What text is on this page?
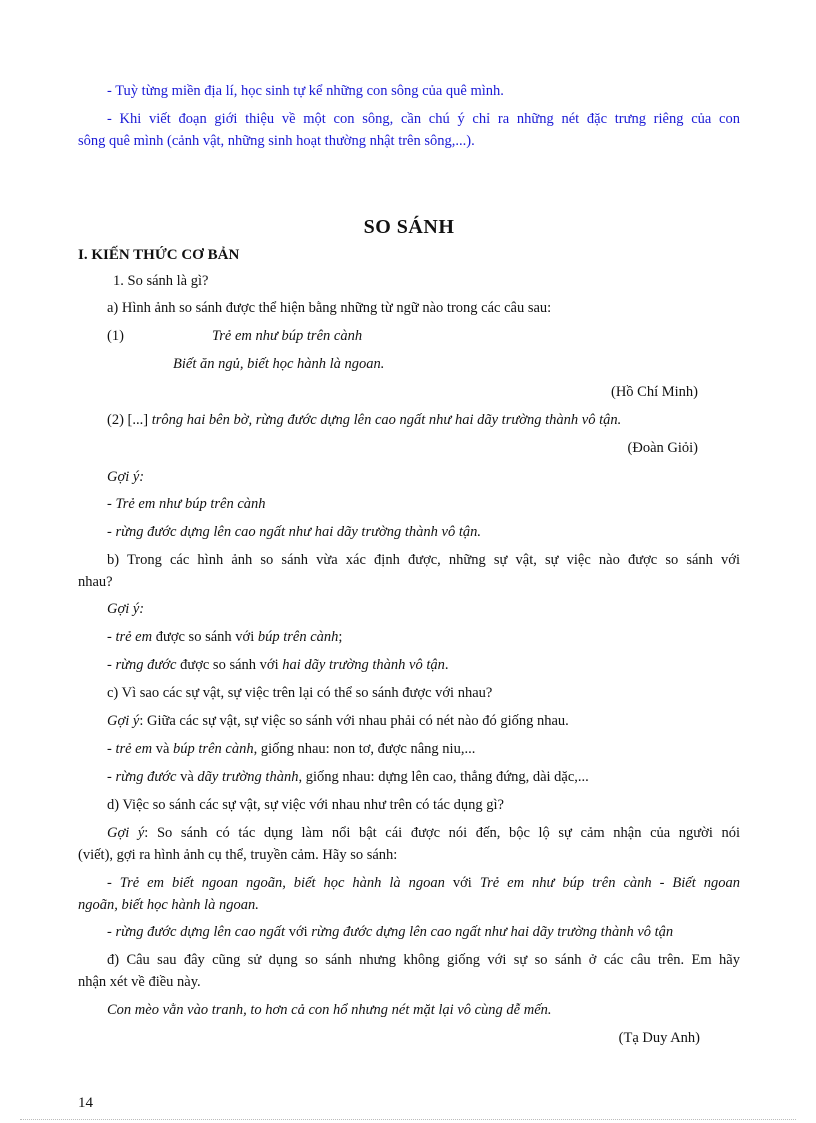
- Tuỳ từng miền địa lí, học sinh tự kể những con sông của quê mình.
- Khi viết đoạn giới thiệu về một con sông, cần chú ý chỉ ra những nét đặc trưng riêng của con
sông quê mình (cảnh vật, những sinh hoạt thường nhật trên sông,...).
SO SÁNH
I. KIẾN THỨC CƠ BẢN
1. So sánh là gì?
a) Hình ảnh so sánh được thể hiện bằng những từ ngữ nào trong các câu sau:
(1)	Trẻ em như búp trên cành
Biết ăn ngủ, biết học hành là ngoan.
(Hồ Chí Minh)
(2) [...] trông hai bên bờ, rừng đước dựng lên cao ngất như hai dãy trường thành vô tận.
(Đoàn Giỏi)
Gợi ý:
- Trẻ em như búp trên cành
- rừng đước dựng lên cao ngất như hai dãy trường thành vô tận.
b) Trong các hình ảnh so sánh vừa xác định được, những sự vật, sự việc nào được so sánh với
nhau?
Gợi ý:
- trẻ em được so sánh với búp trên cành;
- rừng đước được so sánh với hai dãy trường thành vô tận.
c) Vì sao các sự vật, sự việc trên lại có thể so sánh được với nhau?
Gợi ý: Giữa các sự vật, sự việc so sánh với nhau phải có nét nào đó giống nhau.
- trẻ em và búp trên cành, giống nhau: non tơ, được nâng niu,...
- rừng đước và dãy trường thành, giống nhau: dựng lên cao, thẳng đứng, dài dặc,...
d) Việc so sánh các sự vật, sự việc với nhau như trên có tác dụng gì?
Gợi ý: So sánh có tác dụng làm nổi bật cái được nói đến, bộc lộ sự cảm nhận của người nói
(viết), gợi ra hình ảnh cụ thể, truyền cảm. Hãy so sánh:
- Trẻ em biết ngoan ngoãn, biết học hành là ngoan với Trẻ em như búp trên cành - Biết ngoan
ngoãn, biết học hành là ngoan.
- rừng đước dựng lên cao ngất với rừng đước dựng lên cao ngất như hai dãy trường thành vô tận
đ) Câu sau đây cũng sử dụng so sánh nhưng không giống với sự so sánh ở các câu trên. Em hãy
nhận xét về điều này.
Con mèo vằn vào tranh, to hơn cả con hổ nhưng nét mặt lại vô cùng dễ mến.
(Tạ Duy Anh)
14
